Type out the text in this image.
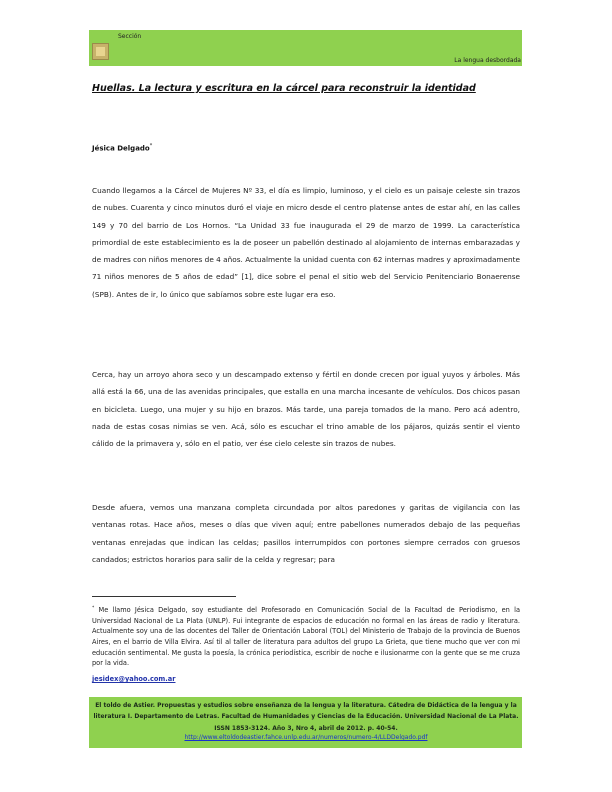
Sección
La lengua desbordada
Huellas. La lectura y escritura en la cárcel para reconstruir la identidad
Jésica Delgado*

Cuando llegamos a la Cárcel de Mujeres Nº 33, el día es limpio, luminoso, y el cielo es un paisaje celeste sin trazos de nubes. Cuarenta y cinco minutos duró el viaje en micro desde el centro platense antes de estar ahí, en las calles 149 y 70 del barrio de Los Hornos. “La Unidad 33 fue inaugurada el 29 de marzo de 1999. La característica primordial de este establecimiento es la de poseer un pabellón destinado al alojamiento de internas embarazadas y de madres con niños menores de 4 años. Actualmente la unidad cuenta con 62 internas madres y aproximadamente 71 niños menores de 5 años de edad” [1], dice sobre el penal el sitio web del Servicio Penitenciario Bonaerense (SPB). Antes de ir, lo único que sabíamos sobre este lugar era eso.

Cerca, hay un arroyo ahora seco y un descampado extenso y fértil en donde crecen por igual yuyos y árboles. Más allá está la 66, una de las avenidas principales, que estalla en una marcha incesante de vehículos. Dos chicos pasan en bicicleta. Luego, una mujer y su hijo en brazos. Más tarde, una pareja tomados de la mano. Pero acá adentro, nada de estas cosas nimias se ven. Acá, sólo es escuchar el trino amable de los pájaros, quizás sentir el viento cálido de la primavera y, sólo en el patio, ver ése cielo celeste sin trazos de nubes.

Desde afuera, vemos una manzana completa circundada por altos paredones y garitas de vigilancia con las ventanas rotas. Hace años, meses o días que viven aquí; entre pabellones numerados debajo de las pequeñas ventanas enrejadas que indican las celdas; pasillos interrumpidos con portones siempre cerrados con gruesos candados; estrictos horarios para salir de la celda y regresar; para

* Me llamo Jésica Delgado, soy estudiante del Profesorado en Comunicación Social de la Facultad de Periodismo, en la Universidad Nacional de La Plata (UNLP). Fui integrante de espacios de educación no formal en las áreas de radio y literatura. Actualmente soy una de las docentes del Taller de Orientación Laboral (TOL) del Ministerio de Trabajo de la provincia de Buenos Aires, en el barrio de Villa Elvira. Así til al taller de literatura para adultos del grupo La Grieta, que tiene mucho que ver con mi educación sentimental. Me gusta la poesía, la crónica periodística, escribir de noche e ilusionarme con la gente que se me cruza por la vida.

jesidex@yahoo.com.ar

El toldo de Astier. Propuestas y estudios sobre enseñanza de la lengua y la literatura. Cátedra de Didáctica de la lengua y la literatura I. Departamento de Letras. Facultad de Humanidades y Ciencias de la Educación. Universidad Nacional de La Plata. ISSN 1853-3124. Año 3, Nro 4, abril de 2012. p. 40-54.

http://www.eltoldodeastier.fahce.unlp.edu.ar/numeros/numero-4/LLDDelgado.pdf
